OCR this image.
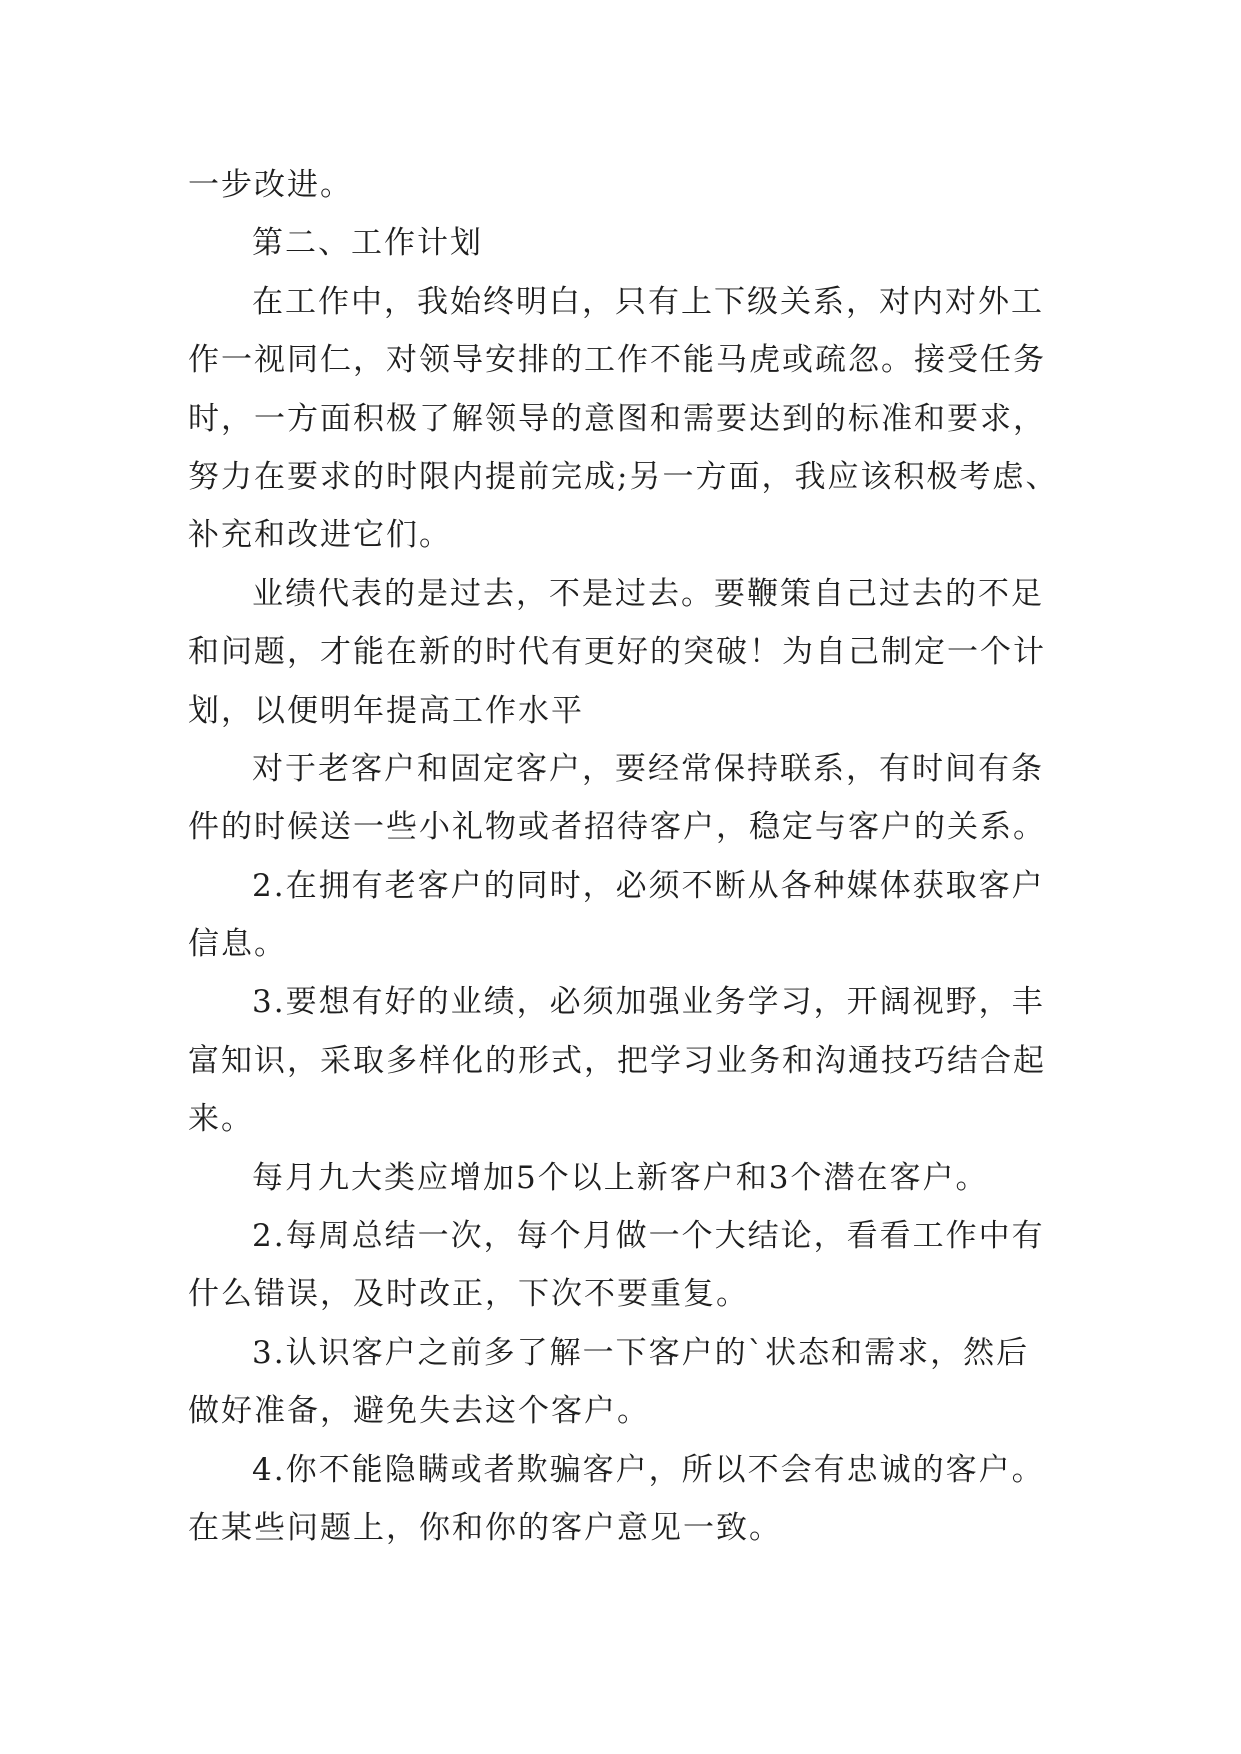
一步改进。
第二、工作计划
在工作中，我始终明白，只有上下级关系，对内对外工
作一视同仁，对领导安排的工作不能马虎或疏忽。接受任务
时，一方面积极了解领导的意图和需要达到的标准和要求，
努力在要求的时限内提前完成;另一方面，我应该积极考虑、
补充和改进它们。
业绩代表的是过去，不是过去。要鞭策自己过去的不足
和问题，才能在新的时代有更好的突破！为自己制定一个计
划，以便明年提高工作水平
对于老客户和固定客户，要经常保持联系，有时间有条
件的时候送一些小礼物或者招待客户，稳定与客户的关系。
2.在拥有老客户的同时，必须不断从各种媒体获取客户
信息。
3.要想有好的业绩，必须加强业务学习，开阔视野，丰
富知识，采取多样化的形式，把学习业务和沟通技巧结合起
来。
每月九大类应增加5个以上新客户和3个潜在客户。
2.每周总结一次，每个月做一个大结论，看看工作中有
什么错误，及时改正，下次不要重复。
3.认识客户之前多了解一下客户的`状态和需求，然后
做好准备，避免失去这个客户。
4.你不能隐瞒或者欺骗客户，所以不会有忠诚的客户。
在某些问题上，你和你的客户意见一致。
